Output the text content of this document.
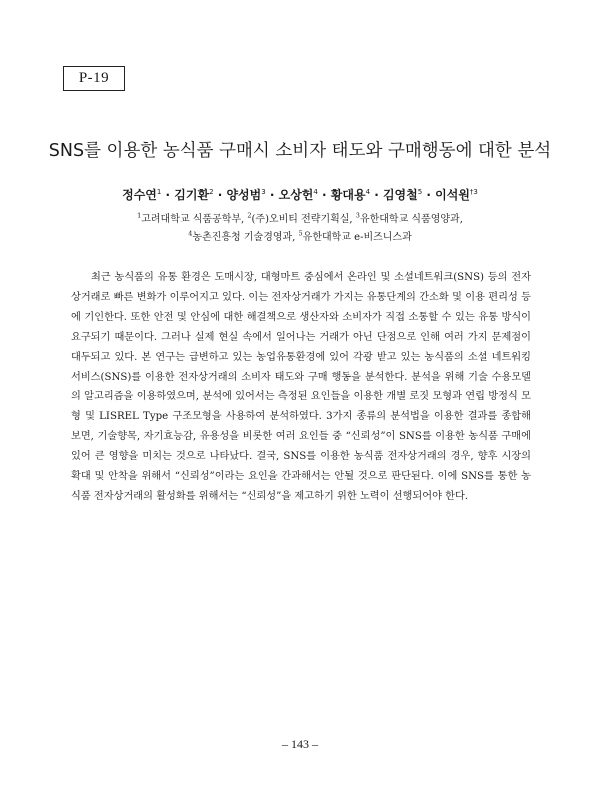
P-19
SNS를 이용한 농식품 구매시 소비자 태도와 구매행동에 대한 분석
정수연$^1$ · 김기환$^2$ · 양성범$^3$ · 오상헌$^4$ · 황대용$^4$ · 김영철$^5$ · 이석원$^{\dagger 3}$
$^1$고려대학교 식품공학부, $^2$(주)오비티 전략기획실, $^3$유한대학교 식품영양과,
$^4$농촌진흥청 기술경영과, $^5$유한대학교 e-비즈니스과

최근 농식품의 유통 환경은 도매시장, 대형마트 중심에서 온라인 및 소셜네트워크(SNS) 등의 전자상거래로 빠른 변화가 이루어지고 있다. 이는 전자상거래가 가지는 유통단계의 간소화 및 이용 편리성 등에 기인한다. 또한 안전 및 안심에 대한 해결책으로 생산자와 소비자가 직접 소통할 수 있는 유통 방식이 요구되기 때문이다. 그러나 실제 현실 속에서 일어나는 거래가 아닌 단점으로 인해 여러 가지 문제점이 대두되고 있다. 본 연구는 급변하고 있는 농업유통환경에 있어 각광 받고 있는 농식품의 소셜 네트워킹 서비스(SNS)를 이용한 전자상거래의 소비자 태도와 구매 행동을 분석한다. 분석을 위해 기술 수용모델의 알고리즘을 이용하였으며, 분석에 있어서는 측정된 요인들을 이용한 개별 로짓 모형과 연립 방정식 모형 및 LISREL Type 구조모형을 사용하여 분석하였다. 3가지 종류의 분석법을 이용한 결과를 종합해 보면, 기술향목, 자기효능감, 유용성을 비롯한 여러 요인들 중 “신뢰성”이 SNS를 이용한 농식품 구매에 있어 큰 영향을 미치는 것으로 나타났다. 결국, SNS를 이용한 농식품 전자상거래의 경우, 향후 시장의 확대 및 안착을 위해서 “신뢰성”이라는 요인을 간과해서는 안될 것으로 판단된다. 이에 SNS를 통한 농식품 전자상거래의 활성화를 위해서는 “신뢰성”을 제고하기 위한 노력이 선행되어야 한다.

– 143 –
